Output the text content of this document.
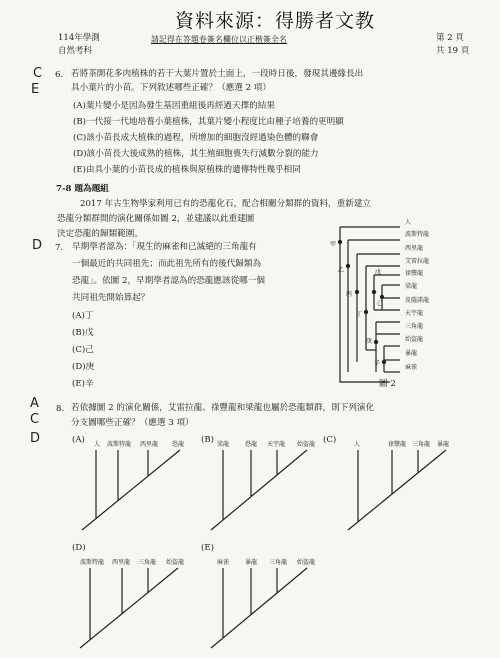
資料來源：得勝者文教
114年學測
自然考科
請記得在答題卷簽名欄位以正楷簽全名	第 2 頁
共 19 頁
C
E
6. 若將茶開花多肉植株的若干大葉片置於土面上，一段時日後，發現其邊緣長出
具小葉片的小苗。下列敘述哪些正確？（應選 2 項）
(A)葉片變小是因為發生基因重組後再經過天擇的結果
(B)一代接一代地培養小葉植株，其葉片變小程度比由種子培養的更明顯
(C)該小苗長成大植株的過程，所增加的細胞沒經過染色體的聯會
(D)該小苗長大後成熟的植株，其生殖細胞喪失行減數分裂的能力
(E)由具小葉的小苗長成的植株與原植株的遺傳特性幾乎相同
7-8 題為題組
2017 年古生物學家利用已有的恐龍化石，配合相關分類群的資料，重新建立
恐龍分類群間的演化關係如圖 2，並建議以此重建圖
決定恐龍的歸類範圍。
D 7. 早期學者認為：「現生的麻雀和已滅絕的三角龍有
一個最近的共同祖先；而此祖先所有的後代歸類為
恐龍」。依圖 2，早期學者認為的恐龍應該從哪一個
共同祖先開始算起？
(A)丁
(B)戊
(C)己
(D)庚
(E)辛
人
波斯特龍
西里龍
艾雷拉龍
祿豐龍
梁龍
皮薩諾龍
天宇龍
三角龍
始盜龍
暴龍
麻雀
甲
乙
丙
丁
戊
己
庚
辛
圖 2
A
C
D
8. 若依據圖 2 的演化關係，艾雷拉龍、祿豐龍和梁龍也屬於恐龍類群，則下列演化
分支圖哪些正確？（應選 3 項）
(A) 人 波斯特龍 西里龍 恐龍 (B) 梁龍	恐龍 天宇龍 始盜龍 (C)	人	祿豐龍 三角龍 暴龍
(D)
波斯特龍 西里龍 三角龍 始盜龍
(E)
麻雀	暴龍 三角龍 始盜龍
